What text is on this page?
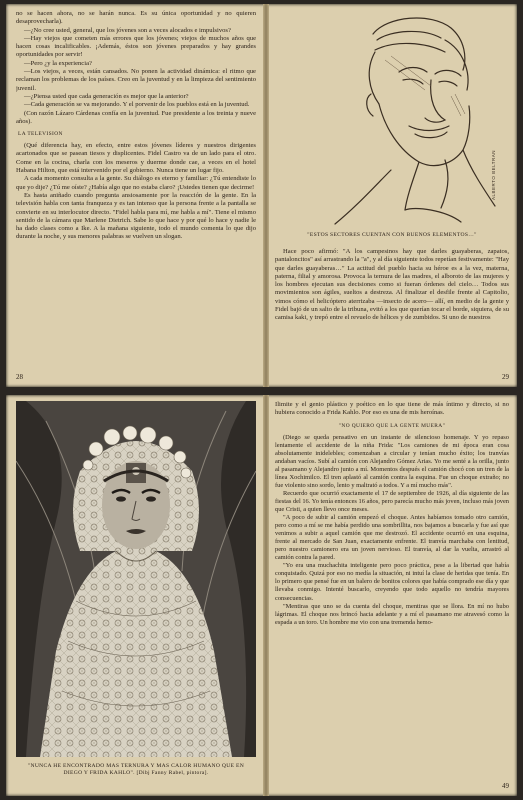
no se hacen ahora, no se harán nunca. Es su única oportunidad y no quieren desaprovecharla).

—¿No cree usted, general, que los jóvenes son a veces alocados e impulsivos?

—Hay viejos que cometen más errores que los jóvenes; viejos de muchos años que hacen cosas incalificables. ¡Además, éstos son jóvenes preparados y hay grandes oportunidades por servir!

—Pero ¿y la experiencia?

—Los viejos, a veces, están cansados. No ponen la actividad dinámica: el ritmo que reclaman los problemas de los países. Creo en la juventud y en la limpieza del sentimiento juvenil.

—¿Piensa usted que cada generación es mejor que la anterior?

—Cada generación se va mejorando. Y el porvenir de los pueblos está en la juventud.

(Con razón Lázaro Cárdenas confía en la juventud. Fue presidente a los treinta y nueve años).

LA TELEVISION

(Qué diferencia hay, en efecto, entre estos jóvenes líderes y nuestros dirigentes acartonados que se pasean tiesos y displicentes. Fidel Castro va de un lado para el otro. Come en la cocina, charla con los meseros y duerme donde cae, a veces en el hotel Habana Hilton, que está intervenido por el gobierno. Nunca tiene un lugar fijo.

A cada momento consulta a la gente. Su diálogo es eterno y familiar: ¿Tú entendiste lo que yo dije? ¿Tú me oíste? ¿Había algo que no estaba claro? ¡Ustedes tienen que decirme!

Es hasta aniñado cuando pregunta ansiosamente por la reacción de la gente. En la televisión habla con tanta franqueza y es tan intenso que la persona frente a la pantalla se convierte en su interlocutor directo. "Fidel habla para mí, me habla a mí". Tiene el mismo sentido de la cámara que Marlene Dietrich. Sabe lo que hace y por qué lo hace y nadie le ha dado clases como a Ike. A la mañana siguiente, todo el mundo comenta lo que dijo durante la noche, y sus menores palabras se vuelven un slogan.

28
ALBERTO BELTRAN
"ESTOS SECTORES CUENTAN CON BUENOS ELEMENTOS…"

Hace poco afirmó: "A los campesinos hay que darles guayaberas, zapatos, pantaloncitos" así arrastrando la "a", y al día siguiente todos repetían festivamente: "Hay que darles guayaberas…" La actitud del pueblo hacia su héroe es a la vez, materna, paterna, filial y amorosa. Provoca la ternura de las madres, el alboroto de las mujeres y los hombres ejecutan sus decisiones como si fueran órdenes del cielo… Todos sus movimientos son ágiles, sueltos a destreza. Al finalizar el desfile frente al Capitolio, vimos cómo el helicóptero aterrizaba —insecto de acero— allí, en medio de la gente y Fidel bajó de un salto de la tribuna, evitó a los que querían tocar el borde, siquiera, de su camisa kaki, y trepó entre el revuelo de hélices y de zumbidos. Si uno de nuestros

29
"NUNCA HE ENCONTRADO MAS TERNURA Y MAS CALOR HUMANO QUE EN DIEGO Y FRIDA KAHLO". [Dibj Fanny Rabel, pintora].

Ilimite y el genio plástico y poético en lo que tiene de más íntimo y directo, si no hubiera conocido a Frida Kahlo. Por eso es una de mis heroínas.

"NO QUIERO QUE LA GENTE MUERA"

(Diego se queda pensativo en un instante de silencioso homenaje. Y yo repaso lentamente el accidente de la niña Frida: "Los camiones de mi época eran cosa absolutamente inidelebles; comenzaban a circular y tenían mucho éxito; los tranvías andaban vacíos. Subí al camión con Alejandro Gómez Arias. Yo me senté a la orilla, junto al pasamano y Alejandro junto a mí. Momentos después el camión chocó con un tren de la línea Xochimilco. El tren aplastó al camión contra la esquina. Fue un choque extraño; no fue violento sino sordo, lento y maltrató a todos. Y a mí mucho más".

Recuerdo que ocurrió exactamente el 17 de septiembre de 1926, al día siguiente de las fiestas del 16. Yo tenía entonces 16 años, pero parecía mucho más joven, incluso más joven que Cristi, a quien llevo once meses.

"A poco de subir al camión empezó el choque. Antes habíamos tomado otro camión, pero como a mí se me había perdido una sombrillita, nos bajamos a buscarla y fue así que venimos a subir a aquel camión que me destrozó. El accidente ocurrió en una esquina, frente al mercado de San Juan, exactamente enfrente. El tranvía marchaba con lentitud, pero nuestro camionero era un joven nervioso. El tranvía, al dar la vuelta, arrastró al camión contra la pared.

"Yo era una muchachita inteligente pero poco práctica, pese a la libertad que había conquistado. Quizá por eso no medía la situación, ni intuí la clase de heridas que tenía. En lo primero que pensé fue en un balero de bonitos colores que había comprado ese día y que llevaba conmigo. Intenté buscarlo, creyendo que todo aquello no tendría mayores consecuencias.

"Mentiras que uno se da cuenta del choque, mentiras que se llora. En mí no hubo lágrimas. El choque nos brincó hacia adelante y a mí el pasamano me atravesó como la espada a un toro. Un hombre me vio con una tremenda hemo-

49
